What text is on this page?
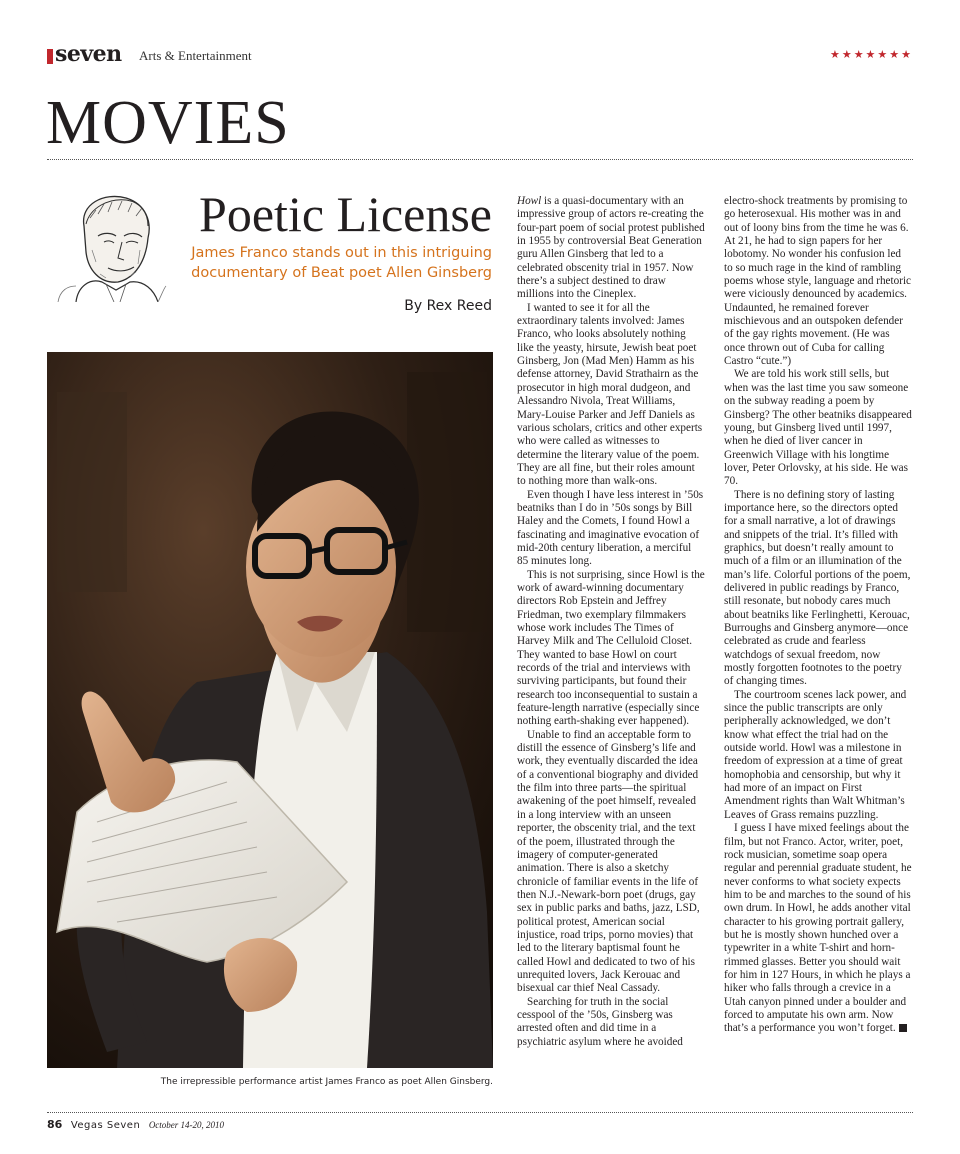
seven Arts & Entertainment	★★★★★★★
MOVIES
Poetic License
James Franco stands out in this intriguing
documentary of Beat poet Allen Ginsberg
By Rex Reed
The irrepressible performance artist James Franco as poet Allen Ginsberg.

Howl is a quasi-documentary with an impressive group of actors re-creating the four-part poem of social protest published in 1955 by controversial Beat Generation guru Allen Ginsberg that led to a celebrated obscenity trial in 1957. Now there’s a subject destined to draw millions into the Cineplex.

I wanted to see it for all the extraordinary talents involved: James Franco, who looks absolutely nothing like the yeasty, hirsute, Jewish beat poet Ginsberg, Jon (Mad Men) Hamm as his defense attorney, David Strathairn as the prosecutor in high moral dudgeon, and Alessandro Nivola, Treat Williams, Mary-Louise Parker and Jeff Daniels as various scholars, critics and other experts who were called as witnesses to determine the literary value of the poem. They are all fine, but their roles amount to nothing more than walk-ons.

Even though I have less interest in ’50s beatniks than I do in ’50s songs by Bill Haley and the Comets, I found Howl a fascinating and imaginative evocation of mid-20th century liberation, a merciful 85 minutes long.

This is not surprising, since Howl is the work of award-winning documentary directors Rob Epstein and Jeffrey Friedman, two exemplary filmmakers whose work includes The Times of Harvey Milk and The Celluloid Closet. They wanted to base Howl on court records of the trial and interviews with surviving participants, but found their research too inconsequential to sustain a feature-length narrative (especially since nothing earth-shaking ever happened).

Unable to find an acceptable form to distill the essence of Ginsberg’s life and work, they eventually discarded the idea of a conventional biography and divided the film into three parts—the spiritual awakening of the poet himself, revealed in a long interview with an unseen reporter, the obscenity trial, and the text of the poem, illustrated through the imagery of computer-generated animation. There is also a sketchy chronicle of familiar events in the life of then N.J.-Newark-born poet (drugs, gay sex in public parks and baths, jazz, LSD, political protest, American social injustice, road trips, porno movies) that led to the literary baptismal fount he called Howl and dedicated to two of his unrequited lovers, Jack Kerouac and bisexual car thief Neal Cassady.

Searching for truth in the social cesspool of the ’50s, Ginsberg was arrested often and did time in a psychiatric asylum where he avoided

electro-shock treatments by promising to go heterosexual. His mother was in and out of loony bins from the time he was 6. At 21, he had to sign papers for her lobotomy. No wonder his confusion led to so much rage in the kind of rambling poems whose style, language and rhetoric were viciously denounced by academics. Undaunted, he remained forever mischievous and an outspoken defender of the gay rights movement. (He was once thrown out of Cuba for calling Castro “cute.”)

We are told his work still sells, but when was the last time you saw someone on the subway reading a poem by Ginsberg? The other beatniks disappeared young, but Ginsberg lived until 1997, when he died of liver cancer in Greenwich Village with his longtime lover, Peter Orlovsky, at his side. He was 70.

There is no defining story of lasting importance here, so the directors opted for a small narrative, a lot of drawings and snippets of the trial. It’s filled with graphics, but doesn’t really amount to much of a film or an illumination of the man’s life. Colorful portions of the poem, delivered in public readings by Franco, still resonate, but nobody cares much about beatniks like Ferlinghetti, Kerouac, Burroughs and Ginsberg anymore—once celebrated as crude and fearless watchdogs of sexual freedom, now mostly forgotten footnotes to the poetry of changing times.

The courtroom scenes lack power, and since the public transcripts are only peripherally acknowledged, we don’t know what effect the trial had on the outside world. Howl was a milestone in freedom of expression at a time of great homophobia and censorship, but why it had more of an impact on First Amendment rights than Walt Whitman’s Leaves of Grass remains puzzling.

I guess I have mixed feelings about the film, but not Franco. Actor, writer, poet, rock musician, sometime soap opera regular and perennial graduate student, he never conforms to what society expects him to be and marches to the sound of his own drum. In Howl, he adds another vital character to his growing portrait gallery, but he is mostly shown hunched over a typewriter in a white T-shirt and horn-rimmed glasses. Better you should wait for him in 127 Hours, in which he plays a hiker who falls through a crevice in a Utah canyon pinned under a boulder and forced to amputate his own arm. Now that’s a performance you won’t forget.

86 Vegas Seven October 14-20, 2010
